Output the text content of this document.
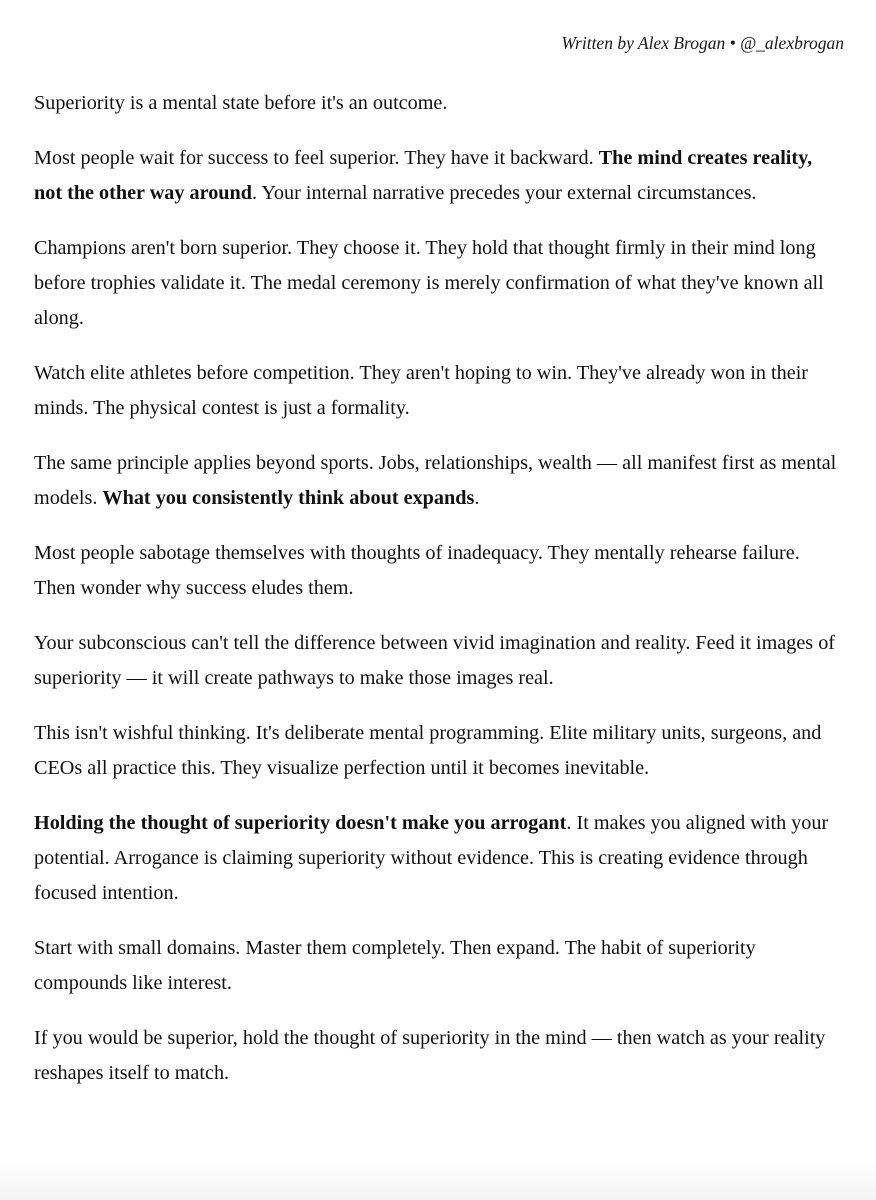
Written by Alex Brogan • @_alexbrogan

Superiority is a mental state before it's an outcome.

Most people wait for success to feel superior. They have it backward. The mind creates reality, not the other way around. Your internal narrative precedes your external circumstances.

Champions aren't born superior. They choose it. They hold that thought firmly in their mind long before trophies validate it. The medal ceremony is merely confirmation of what they've known all along.

Watch elite athletes before competition. They aren't hoping to win. They've already won in their minds. The physical contest is just a formality.

The same principle applies beyond sports. Jobs, relationships, wealth — all manifest first as mental models. What you consistently think about expands.

Most people sabotage themselves with thoughts of inadequacy. They mentally rehearse failure. Then wonder why success eludes them.

Your subconscious can't tell the difference between vivid imagination and reality. Feed it images of superiority — it will create pathways to make those images real.

This isn't wishful thinking. It's deliberate mental programming. Elite military units, surgeons, and CEOs all practice this. They visualize perfection until it becomes inevitable.

Holding the thought of superiority doesn't make you arrogant. It makes you aligned with your potential. Arrogance is claiming superiority without evidence. This is creating evidence through focused intention.

Start with small domains. Master them completely. Then expand. The habit of superiority compounds like interest.

If you would be superior, hold the thought of superiority in the mind — then watch as your reality reshapes itself to match.
